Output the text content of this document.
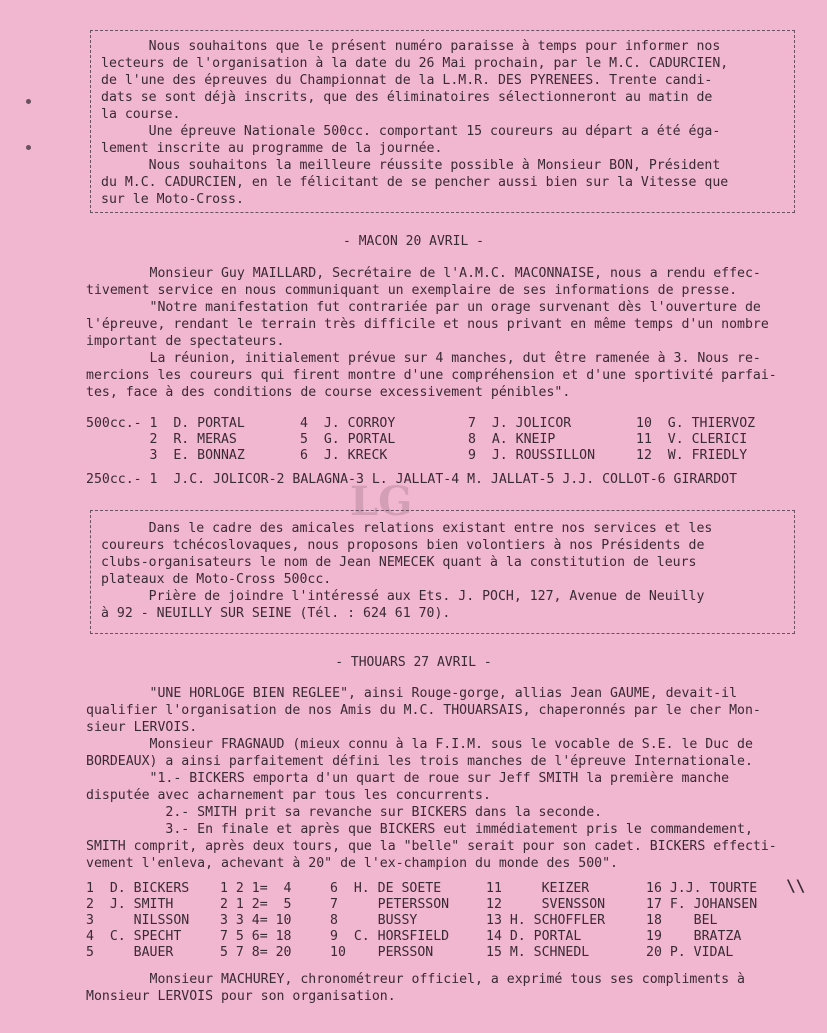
Nous souhaitons que le présent numéro paraisse à temps pour informer nos
lecteurs de l'organisation à la date du 26 Mai prochain, par le M.C. CADURCIEN,
de l'une des épreuves du Championnat de la L.M.R. DES PYRENEES. Trente candi-
dats se sont déjà inscrits, que des éliminatoires sélectionneront au matin de
la course.
Une épreuve Nationale 500cc. comportant 15 coureurs au départ a été éga-
lement inscrite au programme de la journée.
Nous souhaitons la meilleure réussite possible à Monsieur BON, Président
du M.C. CADURCIEN, en le félicitant de se pencher aussi bien sur la Vitesse que
sur le Moto-Cross.
- MACON 20 AVRIL -
Monsieur Guy MAILLARD, Secrétaire de l'A.M.C. MACONNAISE, nous a rendu effec-
tivement service en nous communiquant un exemplaire de ses informations de presse.
"Notre manifestation fut contrariée par un orage survenant dès l'ouverture de
l'épreuve, rendant le terrain très difficile et nous privant en même temps d'un nombre
important de spectateurs.
La réunion, initialement prévue sur 4 manches, dut être ramenée à 3. Nous re-
mercions les coureurs qui firent montre d'une compréhension et d'une sportivité parfai-
tes, face à des conditions de course excessivement pénibles".
500cc.- 1  D. PORTAL	4  J. CORROY	7  J. JOLICOR	10  G. THIERVOZ
2  R. MERAS	5  G. PORTAL	8  A. KNEIP	11  V. CLERICI
3  E. BONNAZ	6  J. KRECK	9  J. ROUSSILLON	12  W. FRIEDLY
250cc.- 1  J.C. JOLICOR-2 BALAGNA-3 L. JALLAT-4 M. JALLAT-5 J.J. COLLOT-6 GIRARDOT
LG
Dans le cadre des amicales relations existant entre nos services et les
coureurs tchécoslovaques, nous proposons bien volontiers à nos Présidents de
clubs-organisateurs le nom de Jean NEMECEK quant à la constitution de leurs
plateaux de Moto-Cross 500cc.
Prière de joindre l'intéressé aux Ets. J. POCH, 127, Avenue de Neuilly
à 92 - NEUILLY SUR SEINE (Tél. : 624 61 70).
- THOUARS 27 AVRIL -
"UNE HORLOGE BIEN REGLEE", ainsi Rouge-gorge, allias Jean GAUME, devait-il
qualifier l'organisation de nos Amis du M.C. THOUARSAIS, chaperonnés par le cher Mon-
sieur LERVOIS.
Monsieur FRAGNAUD (mieux connu à la F.I.M. sous le vocable de S.E. le Duc de
BORDEAUX) a ainsi parfaitement défini les trois manches de l'épreuve Internationale.
"1.- BICKERS emporta d'un quart de roue sur Jeff SMITH la première manche
disputée avec acharnement par tous les concurrents.
2.- SMITH prit sa revanche sur BICKERS dans la seconde.
3.- En finale et après que BICKERS eut immédiatement pris le commandement,
SMITH comprit, après deux tours, que la "belle" serait pour son cadet. BICKERS effecti-
vement l'enleva, achevant à 20" de l'ex-champion du monde des 500".
1  D. BICKERS 1 2 1=  4	6  H. DE SOETE	11     KEIZER	16 J.J. TOURTE
2  J. SMITH	2 1 2=  5	7     PETERSSON	12     SVENSSON	17 F. JOHANSEN
3     NILSSON 3 3 4= 10	8     BUSSY	13 H. SCHOFFLER	18    BEL
4  C. SPECHT	7 5 6= 18	9  C. HORSFIELD	14 D. PORTAL	19    BRATZA
5     BAUER	5 7 8= 20	10    PERSSON	15 M. SCHNEDL	20 P. VIDAL
\\
Monsieur MACHUREY, chronométreur officiel, a exprimé tous ses compliments à
Monsieur LERVOIS pour son organisation.
